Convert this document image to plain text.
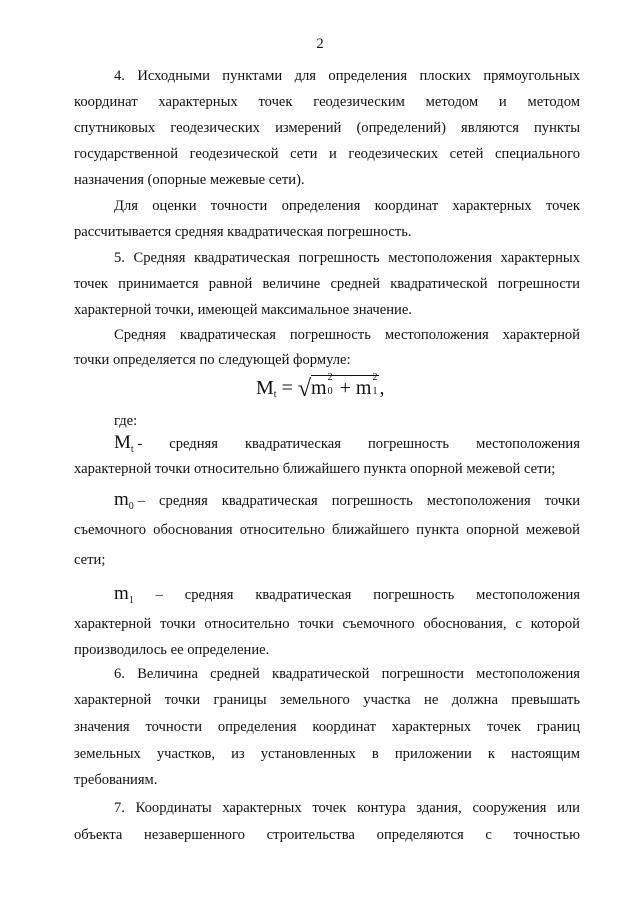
2
4. Исходными пунктами для определения плоских прямоугольных
координат характерных точек геодезическим методом и методом
спутниковых геодезических измерений (определений) являются пункты
государственной геодезической сети и геодезических сетей специального
назначения (опорные межевые сети).
Для оценки точности определения координат характерных точек
рассчитывается средняя квадратическая погрешность.
5. Средняя квадратическая погрешность местоположения характерных
точек принимается равной величине средней квадратической погрешности
характерной точки, имеющей максимальное значение.
Средняя квадратическая погрешность местоположения характерной
точки определяется по следующей формуле:
$M_t = √m$ 2
0 + m 2
1 ,
где:
$M_t$ - средняя квадратическая погрешность местоположения
характерной точки относительно ближайшего пункта опорной межевой сети;
$m_0$ – средняя квадратическая погрешность местоположения точки
съемочного обоснования относительно ближайшего пункта опорной межевой
сети;
$m_1$ – средняя квадратическая погрешность местоположения
характерной точки относительно точки съемочного обоснования, с которой
производилось ее определение.
6. Величина средней квадратической погрешности местоположения
характерной точки границы земельного участка не должна превышать
значения точности определения координат характерных точек границ
земельных участков, из установленных в приложении к настоящим
требованиям.
7. Координаты характерных точек контура здания, сооружения или
объекта незавершенного строительства определяются с точностью
